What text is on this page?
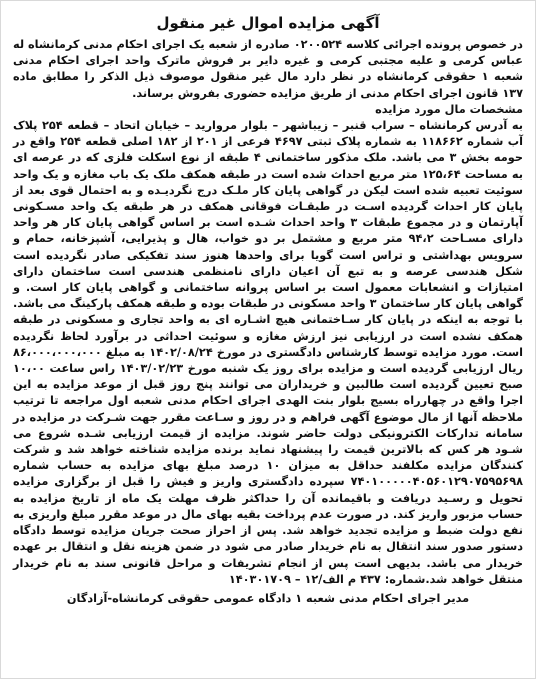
آگهی مزایده اموال غیر منقول

در خصوص پرونده اجرائی کلاسه ۰۲۰۰۵۲۴ صادره از شعبه یک اجرای احکام مدنی کرمانشاه له عباس کرمی و علیه مجتبی کرمی و غیره دایر بر فروش ماترک واحد اجرای احکام مدنی شعبه ۱ حقوقی کرمانشاه در نظر دارد مال غیر منقول موصوف ذیل الذکر را مطابق ماده ۱۳۷ قانون اجرای احکام مدنی از طریق مزایده حضوری بفروش برساند.

مشخصات مال مورد مزایده

به آدرس کرمانشاه – سراب قنبر – زیباشهر – بلوار مروارید – خیابان اتحاد – قطعه ۲۵۴ پلاک آب شماره ۱۱۸۶۶۲ به شماره پلاک ثبتی ۴۶۹۷ فرعی از ۲۰۱ از ۱۸۲ اصلی قطعه ۲۵۴ واقع در حومه بخش ۳ می باشد. ملک مذکور ساختمانی ۴ طبقه از نوع اسکلت فلزی که در عرصه ای به مساحت ۱۲۵،۶۴ متر مربع احداث شده است در طبقه همکف ملک یک باب مغازه و یک واحد سوئیت تعبیه شده است لیکن در گواهی پایان کار ملـک درج نگردیـده و به احتمال قوی بعد از پایان کار احداث گردیده اسـت در طبقـات فوقانی همکف در هر طبقه یک واحد مسـکونی آپارتمان و در مجموع طبقات ۳ واحد احداث شـده است بر اساس گواهی پایان کار هر واحد دارای مسـاحت ۹۴،۲ متر مربع و مشتمل بر دو خواب، هال و پذیرایی، آشپزخانه، حمام و سرویس بهداشتی و تراس است گویا برای واحدها هنوز سند تفکیکی صادر نگردیده است شکل هندسی عرصه و به تبع آن اعیان دارای نامنظمی هندسی است ساختمان دارای امتیازات و انشعابات معمول است بر اساس پروانه ساختمانی و گواهی پایان کار است. و گواهی پایان کار ساختمان ۳ واحد مسکونی در طبقات بوده و طبقه همکف پارکینگ می باشد. با توجه به اینکه در پایان کار سـاختمانی هیچ اشـاره ای به واحد تجاری و مسکونی در طبقه همکف نشده است در ارزیابی نیز ارزش مغازه و سوئیت احداثی در برآورد لحاظ نگردیده است. مورد مزایده توسط کارشناس دادگستری در مورخ ۱۴۰۲/۰۸/۲۴ به مبلغ ۸۶،۰۰۰،۰۰۰،۰۰۰ ریال ارزیابی گردیده است و مزایده برای روز یک شنبه مورخ ۱۴۰۳/۰۲/۲۳ راس ساعت ۱۰،۰۰ صبح تعیین گردیده است طالبین و خریداران می توانند پنج روز قبل از موعد مزایده به این اجرا واقع در چهارراه بسیج بلوار بنت الهدی اجرای احکام مدنی شعبه اول مراجعه تا ترتیب ملاحظه آنها از مال موضوع آگهی فراهم و در روز و سـاعت مقرر جهت شـرکت در مزایده در سامانه تدارکات الکترونیکی دولت حاضر شوند. مزایده از قیمت ارزیابی شـده شروع می شـود هر کس که بالاترین قیمت را پیشنهاد نماید برنده مزایده شناخته خواهد شد و شرکت کنندگان مزایده مکلفند حداقل به میزان ۱۰ درصد مبلغ بهای مزایده به حساب شماره ۷۴۰۱۰۰۰۰۰۴۰۵۶۰۱۲۹۰۷۵۹۵۶۹۸ سپرده دادگستری واریز و فیش را قبل از برگزاری مزایده تحویل و رسـید دریافت و باقیمانده آن را حداکثر ظرف مهلت یک ماه از تاریخ مزایده به حساب مزبور واریز کند. در صورت عدم پرداخت بقیه بهای مال در موعد مقرر مبلغ واریزی به نفع دولت ضبط و مزایده تجدید خواهد شد. پس از احراز صحت جریان مزایده توسط دادگاه دستور صدور سند انتقال به نام خریدار صادر می شود در ضمن هزینه نقل و انتقال بر عهده خریدار می باشد. بدیهی است پس از انجام تشریفات و مراحل قانونی سند به نام خریدار منتقل خواهد شد.شماره: ۴۳۷ م الف/۱۲ – ۱۴۰۳۰۱۷۰۹

مدیر اجرای احکام مدنی شعبه ۱ دادگاه عمومی حقوقی کرمانشاه-آزادگان
